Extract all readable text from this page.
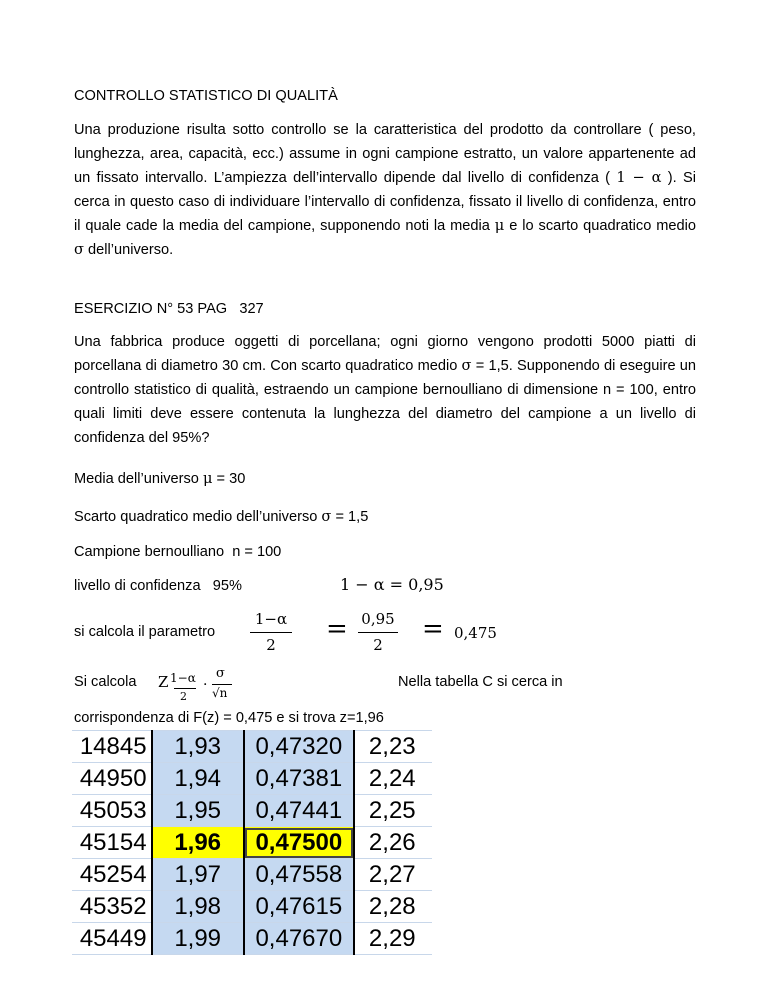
CONTROLLO STATISTICO DI QUALITÀ
Una produzione risulta sotto controllo se la caratteristica del prodotto da controllare ( peso, lunghezza, area, capacità, ecc.) assume in ogni campione estratto, un valore appartenente ad un fissato intervallo. L’ampiezza dell’intervallo dipende dal livello di confidenza ( 1 − α ). Si cerca in questo caso di individuare l’intervallo di confidenza, fissato il livello di confidenza, entro il quale cade la media del campione, supponendo noti la media μ e lo scarto quadratico medio σ dell’universo.
ESERCIZIO N° 53 PAG   327
Una fabbrica produce oggetti di porcellana; ogni giorno vengono prodotti 5000 piatti di porcellana di diametro 30 cm. Con scarto quadratico medio σ = 1,5. Supponendo di eseguire un controllo statistico di qualità, estraendo un campione bernoulliano di dimensione n = 100, entro quali limiti deve essere contenuta la lunghezza del diametro del campione a un livello di confidenza del 95%?
Media dell’universo μ = 30
Scarto quadratico medio dell’universo σ = 1,5
Campione bernoulliano  n = 100
livello di confidenza   95%	1 − α = 0,95
si calcola il parametro
1−α
2
= 0,95
2
= 0,475
Si calcola Z 1−α
2
·
σ
√n
Nella tabella C si cerca in
corrispondenza di F(z) = 0,475 e si trova z=1,96
14845	1,93	0,47320	2,23
44950	1,94	0,47381	2,24
45053	1,95	0,47441	2,25
45154	1,96	0,47500	2,26
45254	1,97	0,47558	2,27
45352	1,98	0,47615	2,28
45449	1,99	0,47670	2,29
